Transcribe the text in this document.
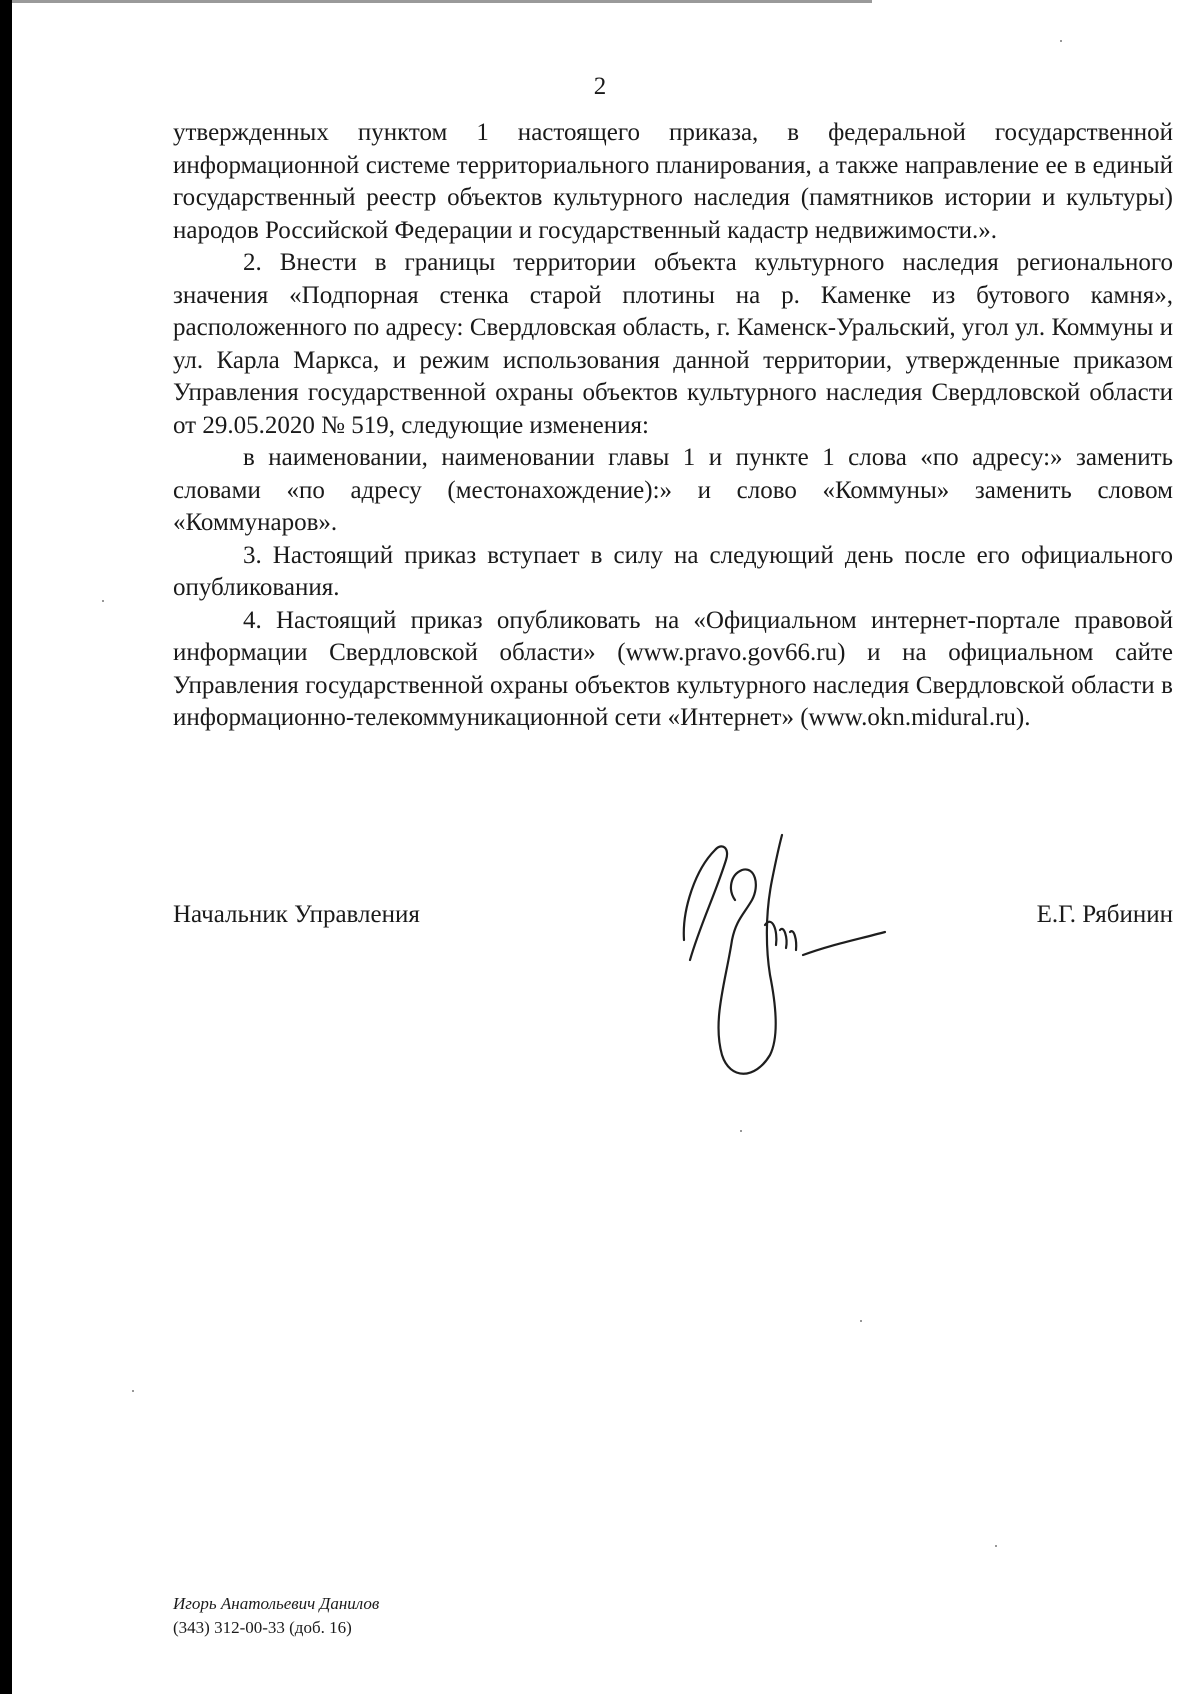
2

утвержденных пунктом 1 настоящего приказа, в федеральной государственной информационной системе территориального планирования, а также направление ее в единый государственный реестр объектов культурного наследия (памятников истории и культуры) народов Российской Федерации и государственный кадастр недвижимости.».

2. Внести в границы территории объекта культурного наследия регионального значения «Подпорная стенка старой плотины на р. Каменке из бутового камня», расположенного по адресу: Свердловская область, г. Каменск-Уральский, угол ул. Коммуны и ул. Карла Маркса, и режим использования данной территории, утвержденные приказом Управления государственной охраны объектов культурного наследия Свердловской области от 29.05.2020 № 519, следующие изменения:

в наименовании, наименовании главы 1 и пункте 1 слова «по адресу:» заменить словами «по адресу (местонахождение):» и слово «Коммуны» заменить словом «Коммунаров».

3. Настоящий приказ вступает в силу на следующий день после его официального опубликования.

4. Настоящий приказ опубликовать на «Официальном интернет-портале правовой информации Свердловской области» (www.pravo.gov66.ru) и на официальном сайте Управления государственной охраны объектов культурного наследия Свердловской области в информационно-телекоммуникационной сети «Интернет» (www.okn.midural.ru).

Начальник Управления	Е.Г. Рябинин
Игорь Анатольевич Данилов
(343) 312-00-33 (доб. 16)
